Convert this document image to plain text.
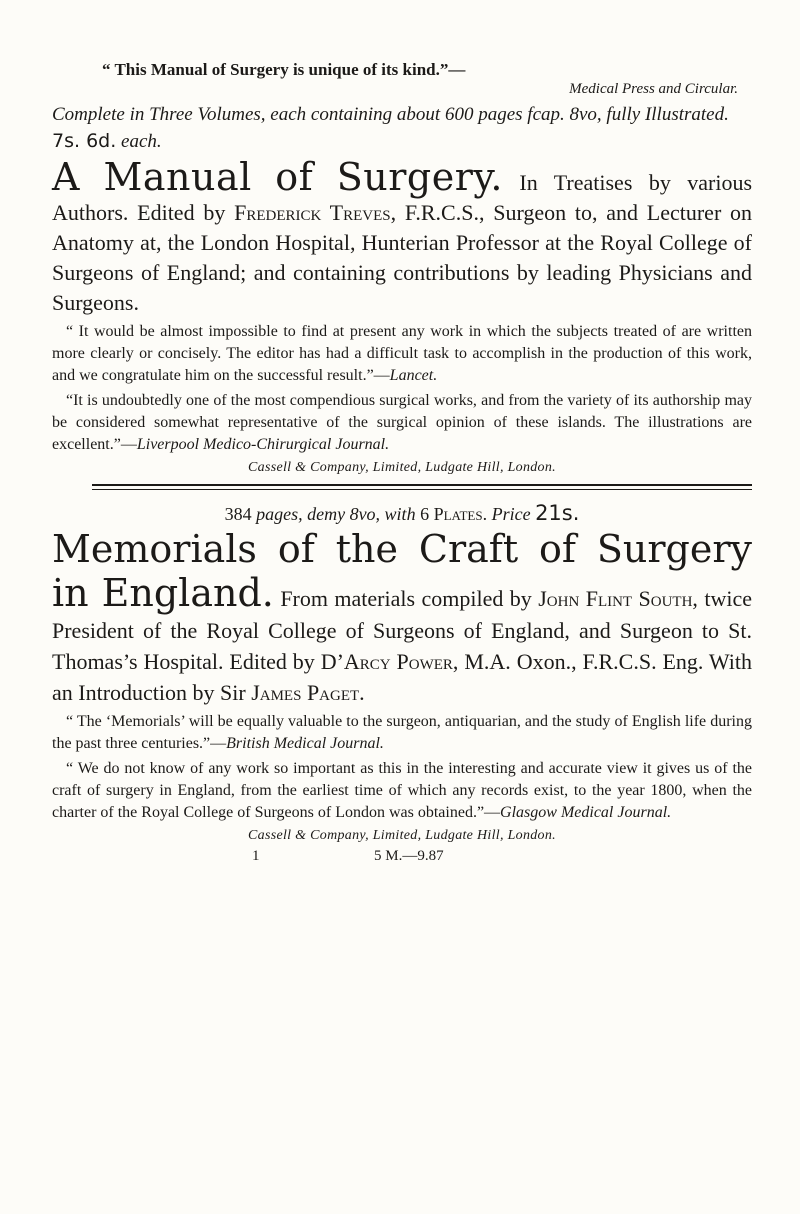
“ This Manual of Surgery is unique of its kind.”—
Medical Press and Circular.
Complete in Three Volumes, each containing about 600 pages fcap. 8vo, fully Illustrated. 7s. 6d. each.
A Manual of Surgery. In Treatises by various Authors. Edited by Frederick Treves, F.R.C.S., Surgeon to, and Lecturer on Anatomy at, the London Hospital, Hunterian Professor at the Royal College of Surgeons of England; and containing contributions by leading Physicians and Surgeons.
“ It would be almost impossible to find at present any work in which the subjects treated of are written more clearly or concisely. The editor has had a difficult task to accomplish in the production of this work, and we congratulate him on the successful result.”—Lancet.
“It is undoubtedly one of the most compendious surgical works, and from the variety of its authorship may be considered somewhat representative of the surgical opinion of these islands. The illustrations are excellent.”—Liverpool Medico-Chirurgical Journal.
Cassell & Company, Limited, Ludgate Hill, London.
384 pages, demy 8vo, with 6 Plates. Price 21s.
Memorials of the Craft of Surgery in England. From materials compiled by John Flint South, twice President of the Royal College of Surgeons of England, and Surgeon to St. Thomas’s Hospital. Edited by D’Arcy Power, M.A. Oxon., F.R.C.S. Eng. With an Introduction by Sir James Paget.
“ The ‘Memorials’ will be equally valuable to the surgeon, antiquarian, and the study of English life during the past three centuries.”—British Medical Journal.
“ We do not know of any work so important as this in the interesting and accurate view it gives us of the craft of surgery in England, from the earliest time of which any records exist, to the year 1800, when the charter of the Royal College of Surgeons of London was obtained.”—Glasgow Medical Journal.
Cassell & Company, Limited, Ludgate Hill, London.
1	5 M.—9.87
